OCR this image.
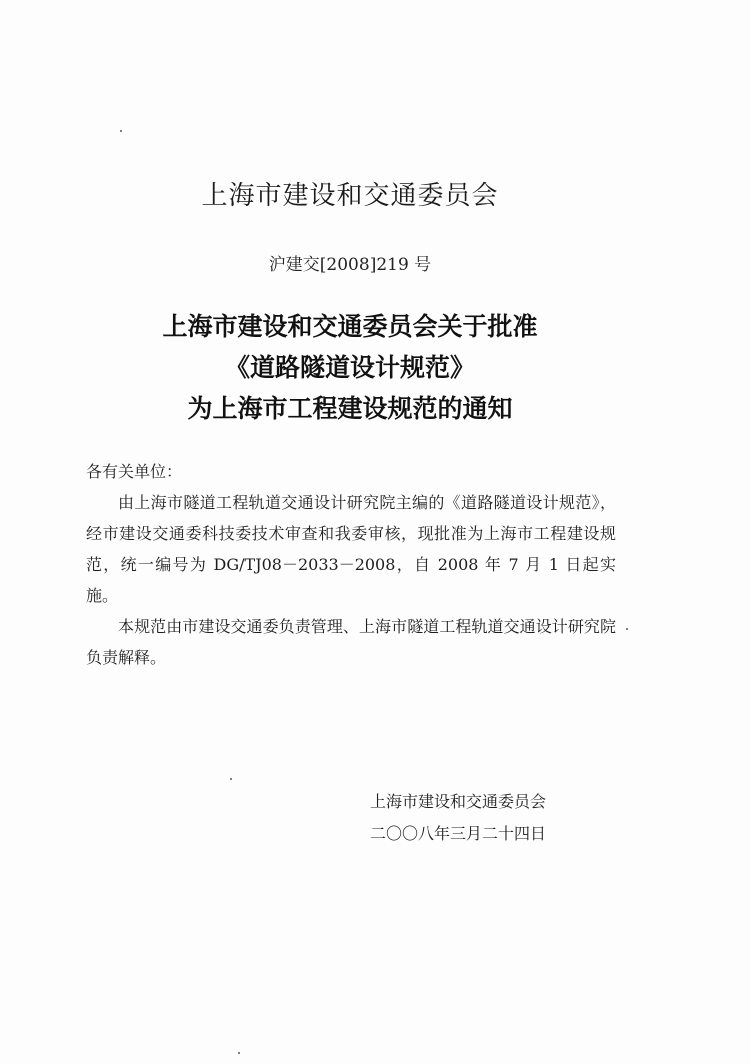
上海市建设和交通委员会
沪建交[2008]219 号
上海市建设和交通委员会关于批准
《道路隧道设计规范》
为上海市工程建设规范的通知

各有关单位：

由上海市隧道工程轨道交通设计研究院主编的《道路隧道设计规范》，经市建设交通委科技委技术审查和我委审核，现批准为上海市工程建设规范，统一编号为 DG/TJ08－2033－2008，自 2008 年 7 月 1 日起实施。

本规范由市建设交通委负责管理、上海市隧道工程轨道交通设计研究院负责解释。

上海市建设和交通委员会
二〇〇八年三月二十四日
